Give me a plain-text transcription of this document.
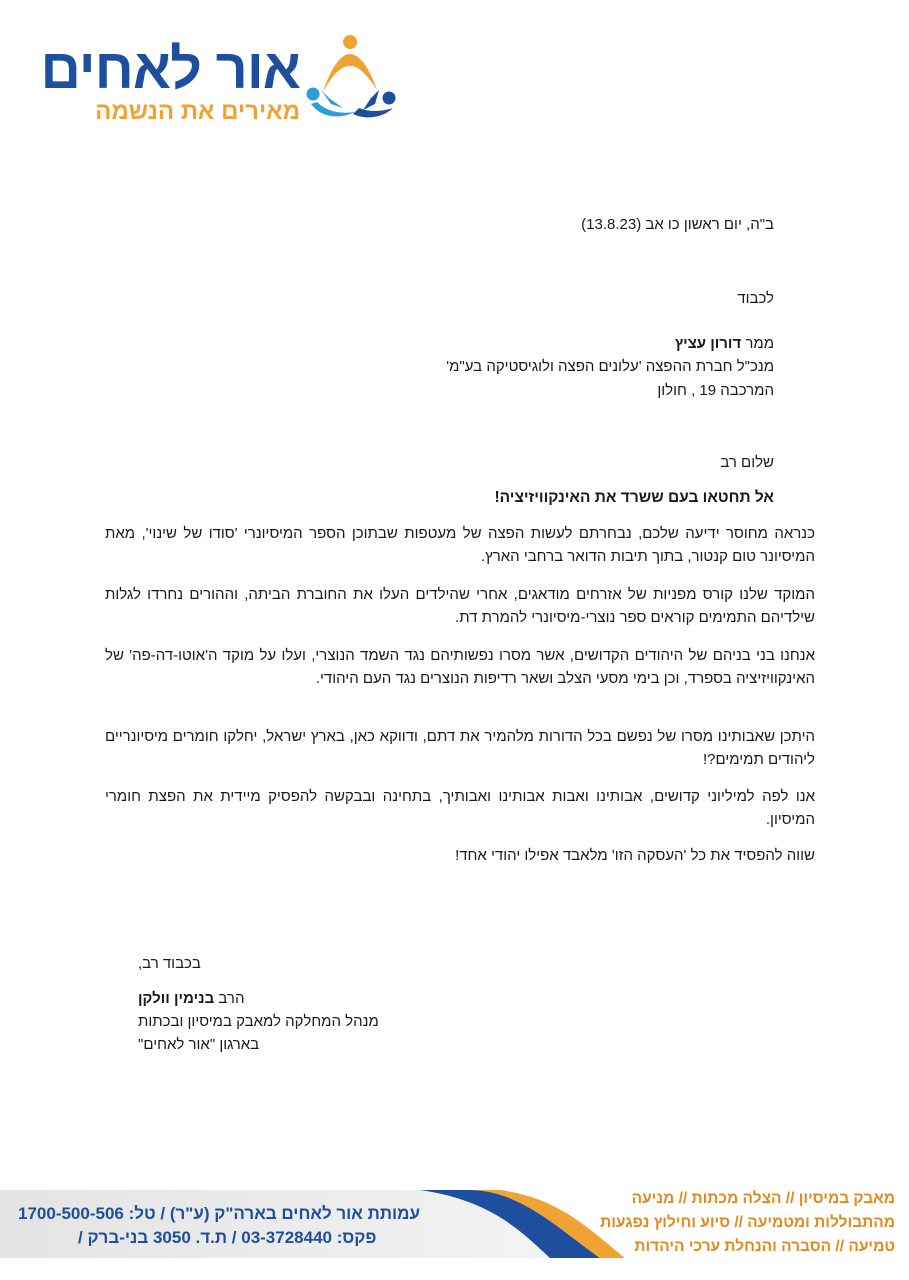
אור לאחים
מאירים את הנשמה
ב"ה, יום ראשון כו אב (13.8.23)
לכבוד
ממר דורון עציץ
מנכ"ל חברת ההפצה 'עלונים הפצה ולוגיסטיקה בע"מ'
המרכבה 19 , חולון
שלום רב
אל תחטאו בעם ששרד את האינקוויזיציה!
כנראה מחוסר ידיעה שלכם, נבחרתם לעשות הפצה של מעטפות שבתוכן הספר המיסיונרי 'סודו של שינוי', מאת המיסיונר טום קנטור, בתוך תיבות הדואר ברחבי הארץ.
המוקד שלנו קורס מפניות של אזרחים מודאגים, אחרי שהילדים העלו את החוברת הביתה, וההורים נחרדו לגלות שילדיהם התמימים קוראים ספר נוצרי-מיסיונרי להמרת דת.
אנחנו בני בניהם של היהודים הקדושים, אשר מסרו נפשותיהם נגד השמד הנוצרי, ועלו על מוקד ה'אוטו-דה-פה' של האינקוויזיציה בספרד, וכן בימי מסעי הצלב ושאר רדיפות הנוצרים נגד העם היהודי.
היתכן שאבותינו מסרו של נפשם בכל הדורות מלהמיר את דתם, ודווקא כאן, בארץ ישראל, יחלקו חומרים מיסיונריים ליהודים תמימים?!
אנו לפה למיליוני קדושים, אבותינו ואבות אבותינו ואבותיך, בתחינה ובבקשה להפסיק מיידית את הפצת חומרי המיסיון.
שווה להפסיד את כל 'העסקה הזו' מלאבד אפילו יהודי אחד!
בכבוד רב,
הרב בנימין וולקן
מנהל המחלקה למאבק במיסיון ובכתות
בארגון "אור לאחים"
עמותת אור לאחים בארה"ק (ע"ר) / טל: 1700-500-506
פקס: 03-3728440 / ת.ד. 3050 בני-ברק /
מאבק במיסיון // הצלה מכתות // מניעה
מהתבוללות ומטמיעה // סיוע וחילוץ נפגעות
טמיעה // הסברה והנחלת ערכי היהדות
